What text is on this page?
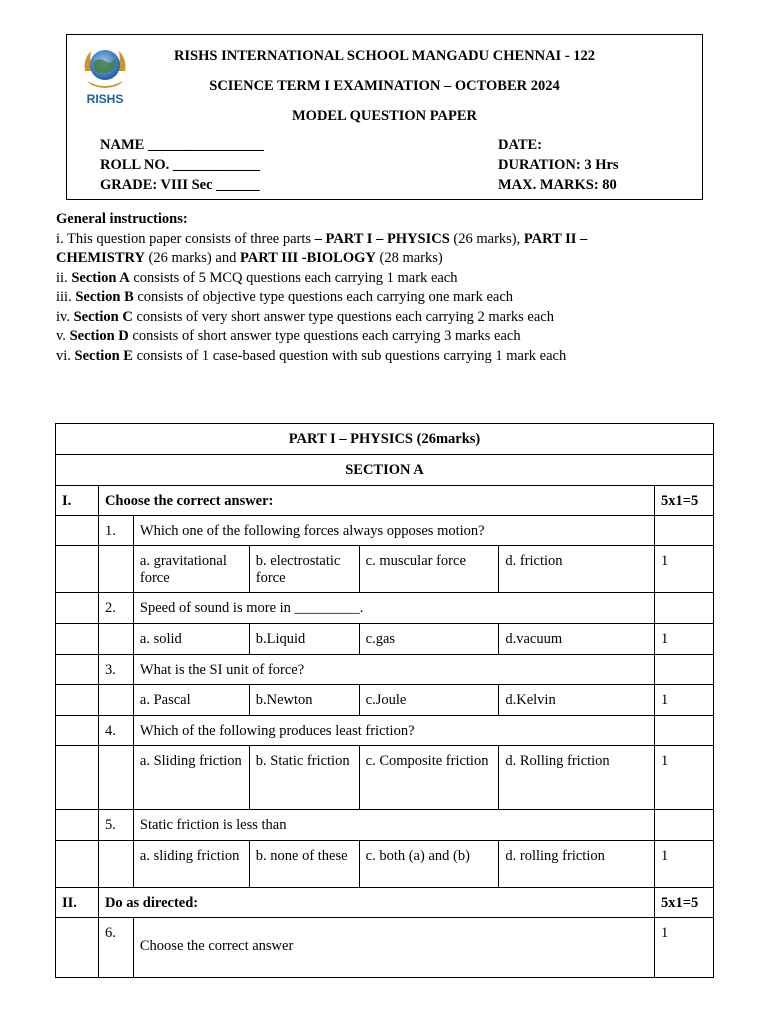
RISHS
RISHS INTERNATIONAL SCHOOL MANGADU CHENNAI - 122
SCIENCE TERM I EXAMINATION – OCTOBER 2024
MODEL QUESTION PAPER
NAME ________________
ROLL NO. ____________
GRADE: VIII Sec ______
DATE:
DURATION: 3 Hrs
MAX. MARKS: 80
General instructions:
i. This question paper consists of three parts – PART I – PHYSICS (26 marks), PART II –
CHEMISTRY (26 marks) and PART III -BIOLOGY (28 marks)
ii. Section A consists of 5 MCQ questions each carrying 1 mark each
iii. Section B consists of objective type questions each carrying one mark each
iv. Section C consists of very short answer type questions each carrying 2 marks each
v. Section D consists of short answer type questions each carrying 3 marks each
vi. Section E consists of 1 case-based question with sub questions carrying 1 mark each
PART I – PHYSICS (26marks)						
SECTION A						
I.	Choose the correct answer:					5x1=5
	1.	Which one of the following forces always opposes motion?				
		a. gravitational force	b. electrostatic force	c. muscular force	d. friction	1
	2.	Speed of sound is more in _________.				
		a. solid	b.Liquid	c.gas	d.vacuum	1
	3.	What is the SI unit of force?				
		a. Pascal	b.Newton	c.Joule	d.Kelvin	1
	4.	Which of the following produces least friction?				
		a. Sliding friction	b. Static friction	c. Composite friction	d. Rolling friction	1
	5.	Static friction is less than				
		a. sliding friction	b. none of these	c. both (a) and (b)	d. rolling friction	1
II.	Do as directed:					5x1=5
	6.	Choose the correct answer				1
